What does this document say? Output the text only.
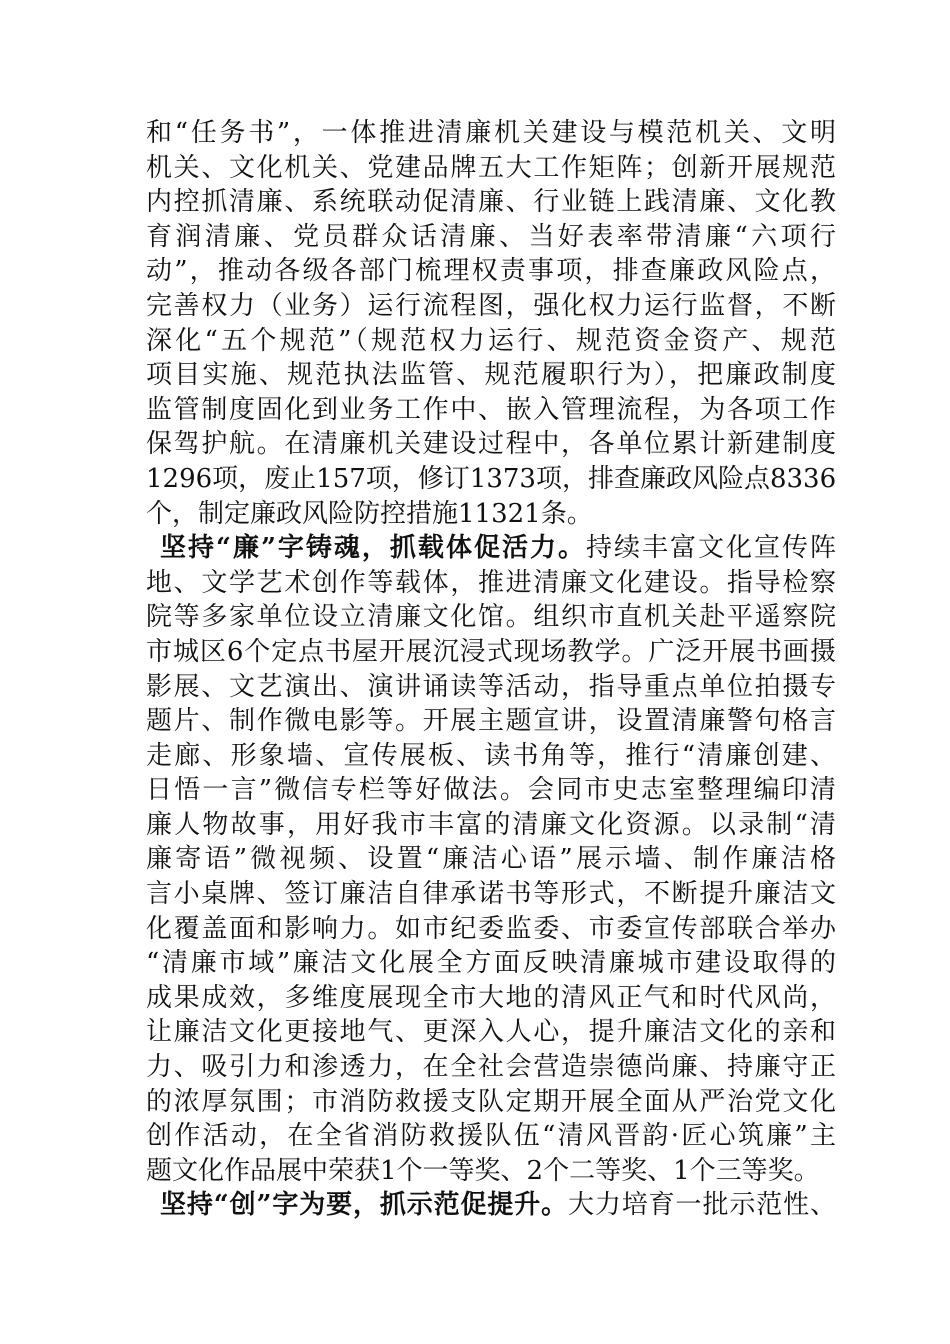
和“任务书”，一体推进清廉机关建设与模范机关、文明
机关、文化机关、党建品牌五大工作矩阵；创新开展规范
内控抓清廉、系统联动促清廉、行业链上践清廉、文化教
育润清廉、党员群众话清廉、当好表率带清廉“六项行
动”，推动各级各部门梳理权责事项，排查廉政风险点，
完善权力（业务）运行流程图，强化权力运行监督，不断
深化“五个规范”（规范权力运行、规范资金资产、规范
项目实施、规范执法监管、规范履职行为），把廉政制度
监管制度固化到业务工作中、嵌入管理流程，为各项工作
保驾护航。在清廉机关建设过程中，各单位累计新建制度
1296项，废止157项，修订1373项，排查廉政风险点8336
个，制定廉政风险防控措施11321条。
坚持“廉”字铸魂，抓载体促活力。持续丰富文化宣传阵
地、文学艺术创作等载体，推进清廉文化建设。指导检察
院等多家单位设立清廉文化馆。组织市直机关赴平遥察院
市城区6个定点书屋开展沉浸式现场教学。广泛开展书画摄
影展、文艺演出、演讲诵读等活动，指导重点单位拍摄专
题片、制作微电影等。开展主题宣讲，设置清廉警句格言
走廊、形象墙、宣传展板、读书角等，推行“清廉创建、
日悟一言”微信专栏等好做法。会同市史志室整理编印清
廉人物故事，用好我市丰富的清廉文化资源。以录制“清
廉寄语”微视频、设置“廉洁心语”展示墙、制作廉洁格
言小桌牌、签订廉洁自律承诺书等形式，不断提升廉洁文
化覆盖面和影响力。如市纪委监委、市委宣传部联合举办
“清廉市域”廉洁文化展全方面反映清廉城市建设取得的
成果成效，多维度展现全市大地的清风正气和时代风尚，
让廉洁文化更接地气、更深入人心，提升廉洁文化的亲和
力、吸引力和渗透力，在全社会营造崇德尚廉、持廉守正
的浓厚氛围；市消防救援支队定期开展全面从严治党文化
创作活动，在全省消防救援队伍“清风晋韵·匠心筑廉”主
题文化作品展中荣获1个一等奖、2个二等奖、1个三等奖。
坚持“创”字为要，抓示范促提升。大力培育一批示范性、
